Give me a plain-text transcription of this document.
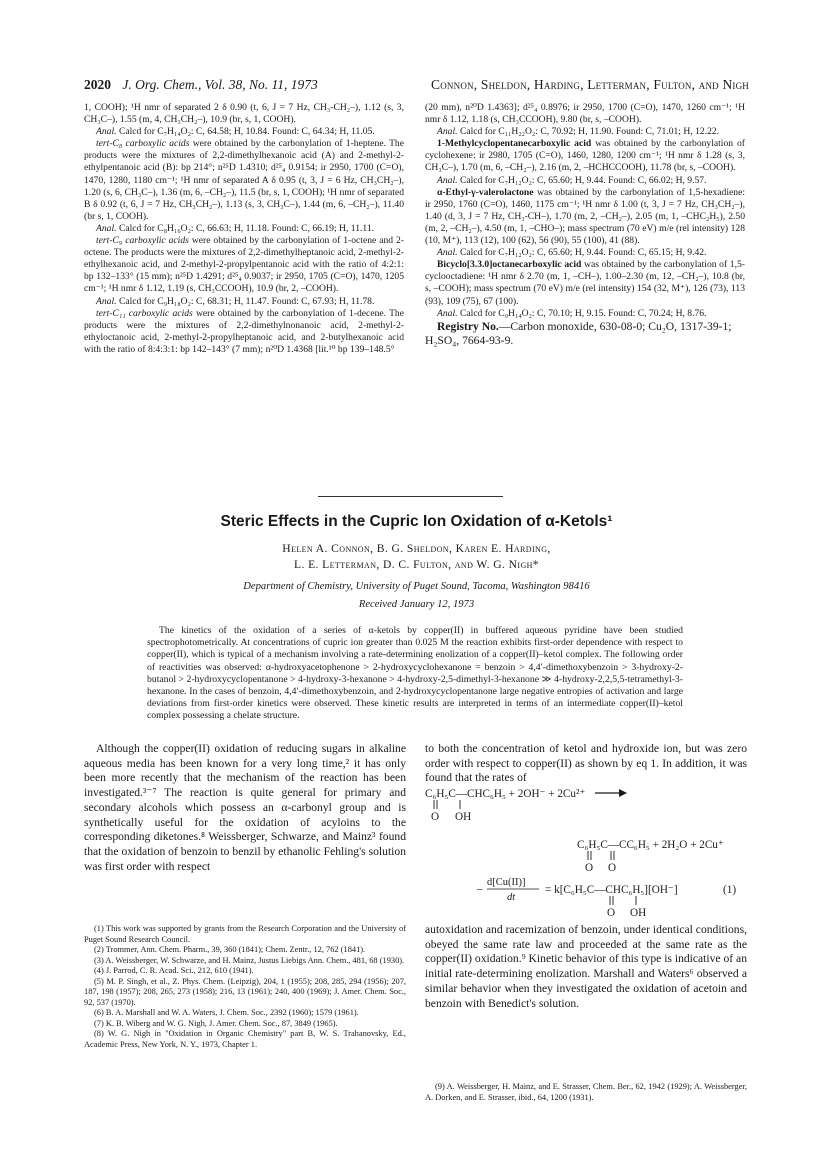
2020 J. Org. Chem., Vol. 38, No. 11, 1973	Connon, Sheldon, Harding, Letterman, Fulton, and Nigh

1, COOH); ¹H nmr of separated 2 δ 0.90 (t, 6, J = 7 Hz, CH₃-CH₂–), 1.12 (s, 3, CH₃C–), 1.55 (m, 4, CH₃CH₂–), 10.9 (br, s, 1, COOH).

Anal. Calcd for C₇H₁₄O₂: C, 64.58; H, 10.84. Found: C, 64.34; H, 11.05.

tert-C₈ carboxylic acids were obtained by the carbonylation of 1-heptene. The products were the mixtures of 2,2-dimethylhexanoic acid (A) and 2-methyl-2-ethylpentanoic acid (B): bp 214°; n²⁵D 1.4310; d²⁵₄ 0.9154; ir 2950, 1700 (C=O), 1470, 1280, 1180 cm⁻¹; ¹H nmr of separated A δ 0.95 (t, 3, J = 6 Hz, CH₃CH₂–), 1.20 (s, 6, CH₃C–), 1.36 (m, 6, –CH₂–), 11.5 (br, s, 1, COOH); ¹H nmr of separated B δ 0.92 (t, 6, J = 7 Hz, CH₃CH₂–), 1.13 (s, 3, CH₃C–), 1.44 (m, 6, –CH₂–), 11.40 (br s, 1, COOH).

Anal. Calcd for C₈H₁₆O₂: C, 66.63; H, 11.18. Found: C, 66.19; H, 11.11.

tert-C₉ carboxylic acids were obtained by the carbonylation of 1-octene and 2-octene. The products were the mixtures of 2,2-dimethylheptanoic acid, 2-methyl-2-ethylhexanoic acid, and 2-methyl-2-propylpentanoic acid with the ratio of 4:2:1: bp 132–133° (15 mm); n²⁵D 1.4291; d²⁵₄ 0.9037; ir 2950, 1705 (C=O), 1470, 1205 cm⁻¹; ¹H nmr δ 1.12, 1.19 (s, CH₃CCOOH), 10.9 (br, 2, –COOH).

Anal. Calcd for C₉H₁₈O₂: C, 68.31; H, 11.47. Found: C, 67.93; H, 11.78.

tert-C₁₁ carboxylic acids were obtained by the carbonylation of 1-decene. The products were the mixtures of 2,2-dimethylnonanoic acid, 2-methyl-2-ethyloctanoic acid, 2-methyl-2-propylheptanoic acid, and 2-butylhexanoic acid with the ratio of 8:4:3:1: bp 142–143° (7 mm); n²⁰D 1.4368 [lit.¹⁰ bp 139–148.5°

(20 mm), n²⁰D 1.4363]; d²⁵₄ 0.8976; ir 2950, 1700 (C=O), 1470, 1260 cm⁻¹; ¹H nmr δ 1.12, 1.18 (s, CH₃CCOOH), 9.80 (br, s, –COOH).

Anal. Calcd for C₁₁H₂₂O₂: C, 70.92; H, 11.90. Found: C, 71.01; H, 12.22.

1-Methylcyclopentanecarboxylic acid was obtained by the carbonylation of cyclohexene: ir 2980, 1705 (C=O), 1460, 1280, 1200 cm⁻¹; ¹H nmr δ 1.28 (s, 3, CH₃C–), 1.70 (m, 6, –CH₂–), 2.16 (m, 2, –HCHCCOOH), 11.78 (br, s, –COOH).

Anal. Calcd for C₇H₁₂O₂: C, 65.60; H, 9.44. Found: C, 66.02; H, 9.57.

α-Ethyl-γ-valerolactone was obtained by the carbonylation of 1,5-hexadiene: ir 2950, 1760 (C=O), 1460, 1175 cm⁻¹; ¹H nmr δ 1.00 (t, 3, J = 7 Hz, CH₃CH₂–), 1.40 (d, 3, J = 7 Hz, CH₃-CH–), 1.70 (m, 2, –CH₂–), 2.05 (m, 1, –CHC₂H₅), 2.50 (m, 2, –CH₂–), 4.50 (m, 1, –CHO–); mass spectrum (70 eV) m/e (rel intensity) 128 (10, M⁺), 113 (12), 100 (62), 56 (90), 55 (100), 41 (88).

Anal. Calcd for C₇H₁₂O₂: C, 65.60; H, 9.44. Found: C, 65.15; H, 9.42.

Bicyclo[3.3.0]octanecarboxylic acid was obtained by the carbonylation of 1,5-cyclooctadiene: ¹H nmr δ 2.70 (m, 1, –CH–), 1.00–2.30 (m, 12, –CH₂–), 10.8 (br, s, –COOH); mass spectrum (70 eV) m/e (rel intensity) 154 (32, M⁺), 126 (73), 113 (93), 109 (75), 67 (100).

Anal. Calcd for C₉H₁₄O₂: C, 70.10; H, 9.15. Found: C, 70.24; H, 8.76.

Registry No.—Carbon monoxide, 630-08-0; Cu₂O, 1317-39-1; H₂SO₄, 7664-93-9.

Steric Effects in the Cupric Ion Oxidation of α-Ketols¹
Helen A. Connon, B. G. Sheldon, Karen E. Harding,
L. E. Letterman, D. C. Fulton, and W. G. Nigh*
Department of Chemistry, University of Puget Sound, Tacoma, Washington 98416
Received January 12, 1973
The kinetics of the oxidation of a series of α-ketols by copper(II) in buffered aqueous pyridine have been studied spectrophotometrically. At concentrations of cupric ion greater than 0.025 M the reaction exhibits first-order dependence with respect to copper(II), which is typical of a mechanism involving a rate-determining enolization of a copper(II)–ketol complex. The following order of reactivities was observed: α-hydroxyacetophenone > 2-hydroxycyclohexanone = benzoin > 4,4′-dimethoxybenzoin > 3-hydroxy-2-butanol > 2-hydroxycyclopentanone > 4-hydroxy-3-hexanone > 4-hydroxy-2,5-dimethyl-3-hexanone ≫ 4-hydroxy-2,2,5,5-tetramethyl-3-hexanone. In the cases of benzoin, 4,4′-dimethoxybenzoin, and 2-hydroxycyclopentanone large negative entropies of activation and large deviations from first-order kinetics were observed. These kinetic results are interpreted in terms of an intermediate copper(II)–ketol complex possessing a chelate structure.
Although the copper(II) oxidation of reducing sugars in alkaline aqueous media has been known for a very long time,² it has only been more recently that the mechanism of the reaction has been investigated.³⁻⁷ The reaction is quite general for primary and secondary alcohols which possess an α-carbonyl group and is synthetically useful for the oxidation of acyloins to the corresponding diketones.⁸ Weissberger, Schwarze, and Mainz³ found that the oxidation of benzoin to benzil by ethanolic Fehling's solution was first order with respect
to both the concentration of ketol and hydroxide ion, but was zero order with respect to copper(II) as shown by eq 1. In addition, it was found that the rates of
C₆H₅C—CHC₆H₅ + 2OH⁻ + 2Cu²⁺
O OH
C₆H₅C—CC₆H₅ + 2H₂O + 2Cu⁺
O O
–
d[Cu(II)]
dt
= k[C₆H₅C—CHC₆H₅][OH⁻]
O OH
(1)
autoxidation and racemization of benzoin, under identical conditions, obeyed the same rate law and proceeded at the same rate as the copper(II) oxidation.⁹ Kinetic behavior of this type is indicative of an initial rate-determining enolization. Marshall and Waters⁶ observed a similar behavior when they investigated the oxidation of acetoin and benzoin with Benedict's solution.

(1) This work was supported by grants from the Research Corporation and the University of Puget Sound Research Council.

(2) Trommer, Ann. Chem. Pharm., 39, 360 (1841); Chem. Zentr., 12, 762 (1841).

(3) A. Weissberger, W. Schwarze, and H. Mainz, Justus Liebigs Ann. Chem., 481, 68 (1930).

(4) J. Parrod, C. R. Acad. Sci., 212, 610 (1941).

(5) M. P. Singh, et al., Z. Phys. Chem. (Leipzig), 204, 1 (1955); 208, 285, 294 (1956); 207, 187, 198 (1957); 208, 265, 273 (1958); 216, 13 (1961); 240, 400 (1969); J. Amer. Chem. Soc., 92, 537 (1970).

(6) B. A. Marshall and W. A. Waters, J. Chem. Soc., 2392 (1960); 1579 (1961).

(7) K. B. Wiberg and W. G. Nigh, J. Amer. Chem. Soc., 87, 3849 (1965).

(8) W. G. Nigh in "Oxidation in Organic Chemistry" part B, W. S. Trahanovsky, Ed., Academic Press, New York, N. Y., 1973, Chapter 1.

(9) A. Weissberger, H. Mainz, and E. Strasser, Chem. Ber., 62, 1942 (1929); A. Weissberger, A. Dorken, and E. Strasser, ibid., 64, 1200 (1931).
